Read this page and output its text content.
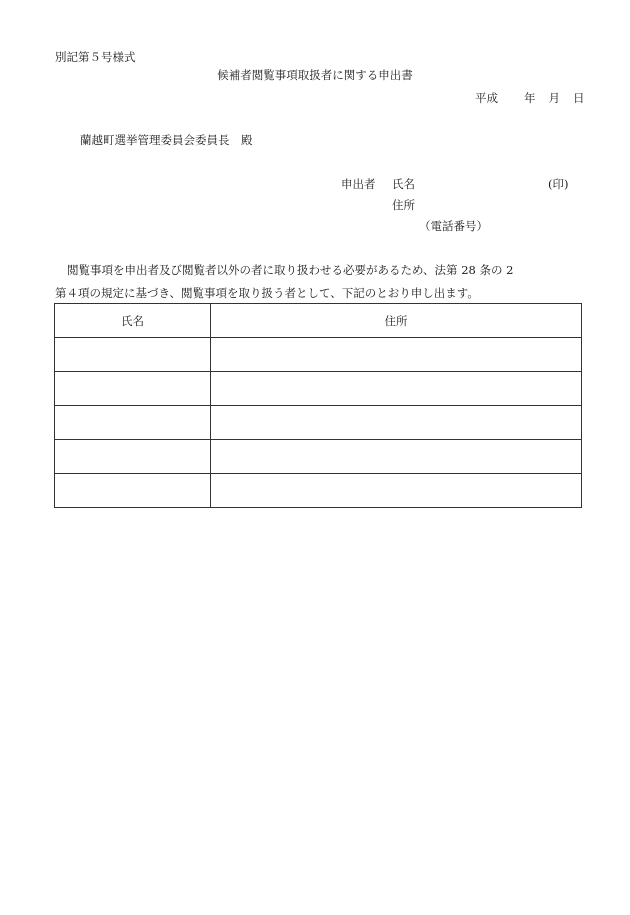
別記第５号様式
候補者閲覧事項取扱者に関する申出書
平成 年 月 日
蘭越町選挙管理委員会委員長　殿
申出者 氏名	(印)
住所
（電話番号）
閲覧事項を申出者及び閲覧者以外の者に取り扱わせる必要があるため、法第 28 条の 2
第４項の規定に基づき、閲覧事項を取り扱う者として、下記のとおり申し出ます。
氏名	住所
